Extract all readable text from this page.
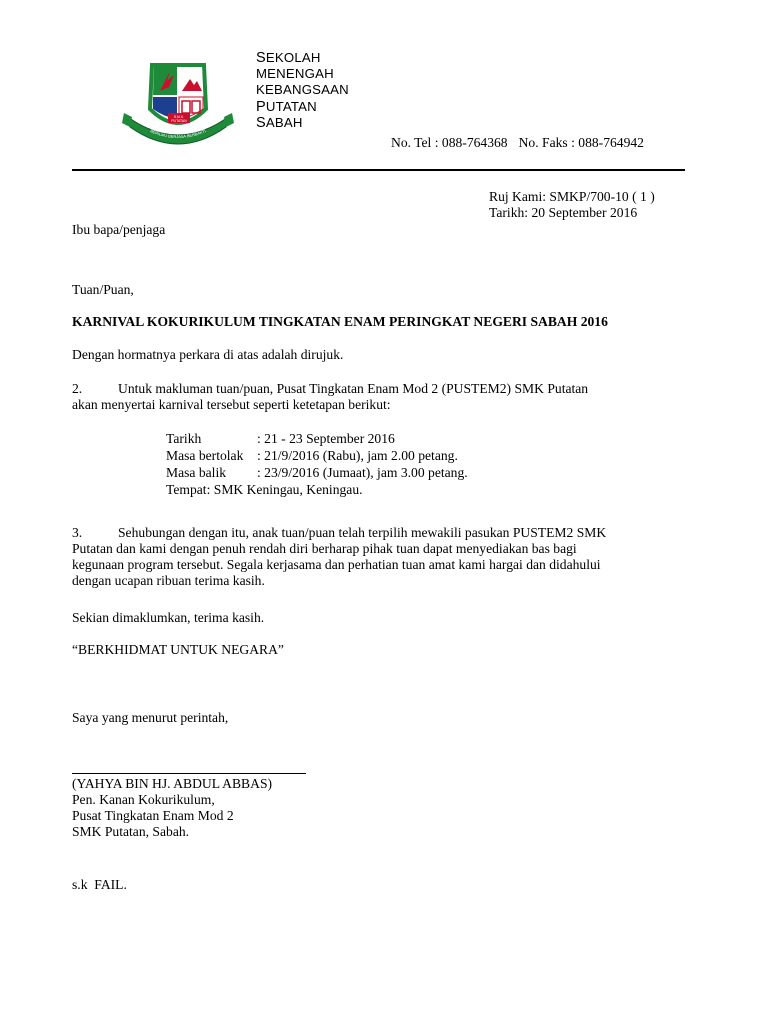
S.M.K.
PUTATAN
BERILMU BERJASA BERBAKTI
SEKOLAH
MENENGAH
KEBANGSAAN
PUTATAN
SABAH
No. Tel : 088-764368 No. Faks : 088-764942
Ruj Kami: SMKP/700-10 ( 1 )
Tarikh: 20 September 2016
Ibu bapa/penjaga
Tuan/Puan,
KARNIVAL KOKURIKULUM TINGKATAN ENAM PERINGKAT NEGERI SABAH 2016
Dengan hormatnya perkara di atas adalah dirujuk.
2.	Untuk makluman tuan/puan, Pusat Tingkatan Enam Mod 2 (PUSTEM2) SMK Putatan
akan menyertai karnival tersebut seperti ketetapan berikut:
Tarikh	: 21 - 23 September 2016
Masa bertolak : 21/9/2016 (Rabu), jam 2.00 petang.
Masa balik : 23/9/2016 (Jumaat), jam 3.00 petang.
Tempat: SMK Keningau, Keningau.
3.	Sehubungan dengan itu, anak tuan/puan telah terpilih mewakili pasukan PUSTEM2 SMK
Putatan dan kami dengan penuh rendah diri berharap pihak tuan dapat menyediakan bas bagi
kegunaan program tersebut. Segala kerjasama dan perhatian tuan amat kami hargai dan didahului
dengan ucapan ribuan terima kasih.
Sekian dimaklumkan, terima kasih.
“BERKHIDMAT UNTUK NEGARA”
Saya yang menurut perintah,
(YAHYA BIN HJ. ABDUL ABBAS)
Pen. Kanan Kokurikulum,
Pusat Tingkatan Enam Mod 2
SMK Putatan, Sabah.
s.k  FAIL.
